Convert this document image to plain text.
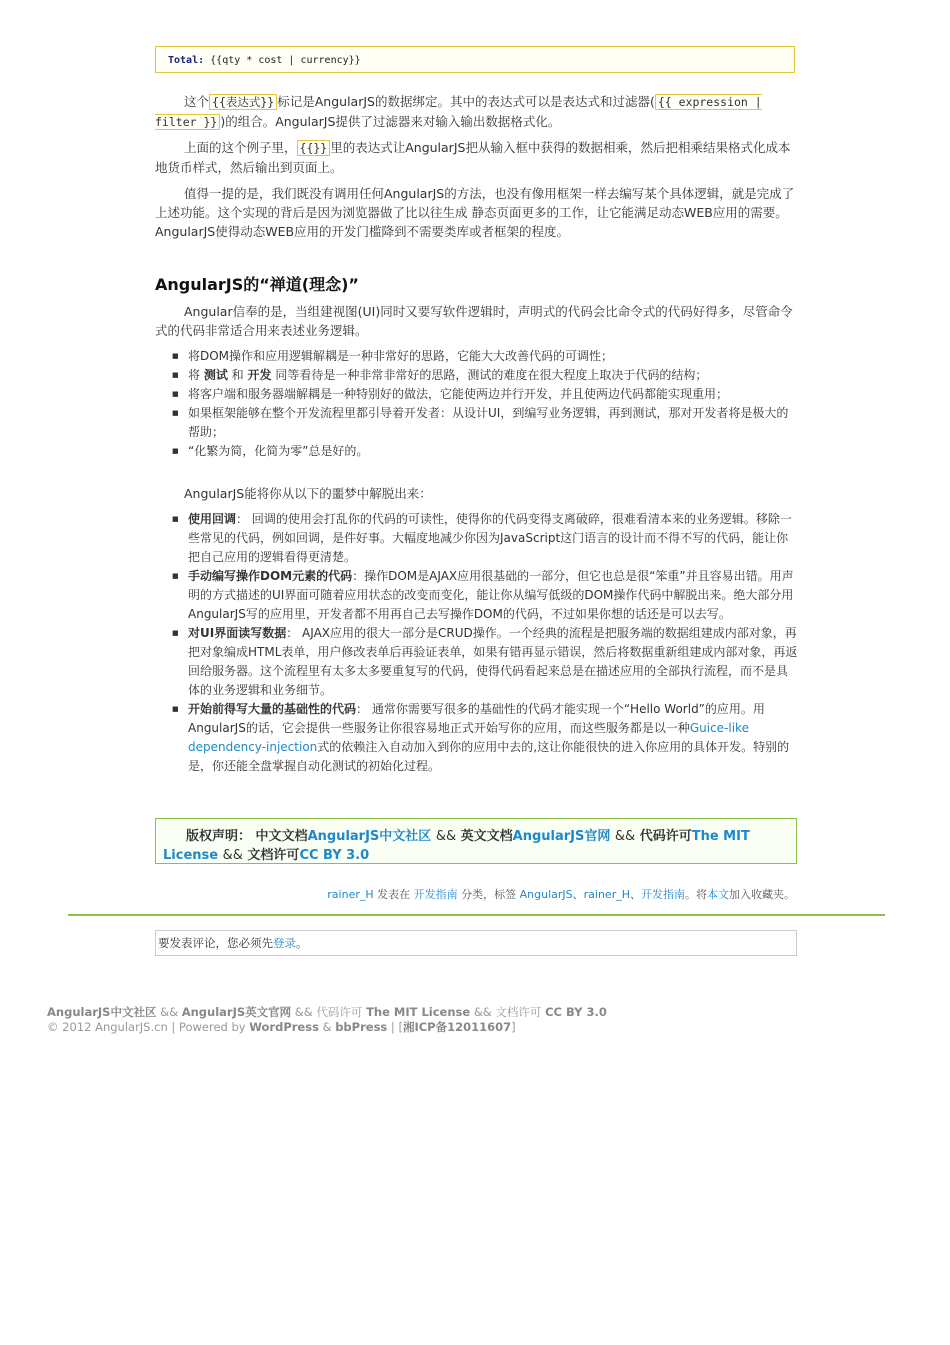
Total: {{qty * cost | currency}}

这个 {{表达式}} 标记是AngularJS的数据绑定。其中的表达式可以是表达式和过滤器( {{ expression | filter }} )的组合。AngularJS提供了过滤器来对输入输出数据格式化。

上面的这个例子里， {{}} 里的表达式让AngularJS把从输入框中获得的数据相乘，然后把相乘结果格式化成本地货币样式，然后输出到页面上。

值得一提的是，我们既没有调用任何AngularJS的方法，也没有像用框架一样去编写某个具体逻辑，就是完成了上述功能。这个实现的背后是因为浏览器做了比以往生成 静态页面更多的工作，让它能满足动态WEB应用的需要。AngularJS使得动态WEB应用的开发门槛降到不需要类库或者框架的程度。

AngularJS的“禅道(理念)”

Angular信奉的是，当组建视图(UI)同时又要写软件逻辑时，声明式的代码会比命令式的代码好得多，尽管命令式的代码非常适合用来表述业务逻辑。

■ 将DOM操作和应用逻辑解耦是一种非常好的思路，它能大大改善代码的可调性；
■ 将 测试 和 开发 同等看待是一种非常非常好的思路，测试的难度在很大程度上取决于代码的结构；
■ 将客户端和服务器端解耦是一种特别好的做法，它能使两边并行开发，并且使两边代码都能实现重用；
■ 如果框架能够在整个开发流程里都引导着开发者：从设计UI，到编写业务逻辑，再到测试，那对开发者将是极大的帮助；
■ “化繁为简，化简为零”总是好的。

AngularJS能将你从以下的噩梦中解脱出来：

■ 使用回调： 回调的使用会打乱你的代码的可读性，使得你的代码变得支离破碎，很难看清本来的业务逻辑。移除一些常见的代码，例如回调，是件好事。大幅度地减少你因为JavaScript这门语言的设计而不得不写的代码，能让你把自己应用的逻辑看得更清楚。
■ 手动编写操作DOM元素的代码：操作DOM是AJAX应用很基础的一部分，但它也总是很“笨重”并且容易出错。用声明的方式描述的UI界面可随着应用状态的改变而变化，能让你从编写低级的DOM操作代码中解脱出来。绝大部分用AngularJS写的应用里，开发者都不用再自己去写操作DOM的代码，不过如果你想的话还是可以去写。
■ 对UI界面读写数据： AJAX应用的很大一部分是CRUD操作。一个经典的流程是把服务端的数据组建成内部对象，再把对象编成HTML表单，用户修改表单后再验证表单，如果有错再显示错误，然后将数据重新组建成内部对象，再返回给服务器。这个流程里有太多太多要重复写的代码，使得代码看起来总是在描述应用的全部执行流程，而不是具体的业务逻辑和业务细节。
■ 开始前得写大量的基础性的代码： 通常你需要写很多的基础性的代码才能实现一个“Hello World”的应用。用AngularJS的话，它会提供一些服务让你很容易地正式开始写你的应用，而这些服务都是以一种Guice-like dependency-injection式的依赖注入自动加入到你的应用中去的,这让你能很快的进入你应用的具体开发。特别的是，你还能全盘掌握自动化测试的初始化过程。
版权声明： 中文文档AngularJS中文社区 && 英文文档AngularJS官网 && 代码许可The MIT License && 文档许可CC BY 3.0
rainer_H 发表在 开发指南 分类，标签 AngularJS、rainer_H、开发指南。将本文加入收藏夹。
要发表评论，您必须先登录。
AngularJS中文社区 && AngularJS英文官网 && 代码许可 The MIT License && 文档许可 CC BY 3.0
© 2012 AngularJS.cn | Powered by WordPress & bbPress | [湘ICP备12011607]
